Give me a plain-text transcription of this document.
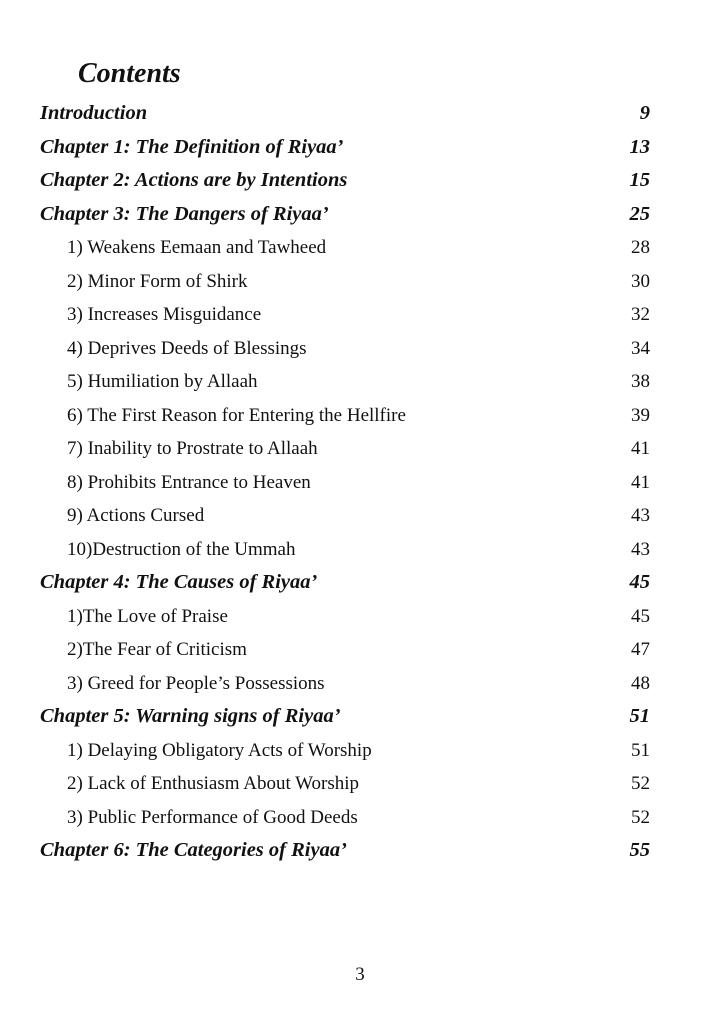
Contents
Introduction	9
Chapter 1: The Definition of Riyaa’	13
Chapter 2: Actions are by Intentions	15
Chapter 3: The Dangers of Riyaa’	25
1) Weakens Eemaan and Tawheed	28
2) Minor Form of Shirk	30
3) Increases Misguidance	32
4) Deprives Deeds of Blessings	34
5) Humiliation by Allaah	38
6) The First Reason for Entering the Hellfire	39
7) Inability to Prostrate to Allaah	41
8) Prohibits Entrance to Heaven	41
9) Actions Cursed	43
10)Destruction of the Ummah	43
Chapter 4: The Causes of Riyaa’	45
1)The Love of Praise	45
2)The Fear of Criticism	47
3) Greed for People’s Possessions	48
Chapter 5: Warning signs of Riyaa’	51
1) Delaying Obligatory Acts of Worship	51
2) Lack of Enthusiasm About Worship	52
3) Public Performance of Good Deeds	52
Chapter 6: The Categories of Riyaa’	55
3
